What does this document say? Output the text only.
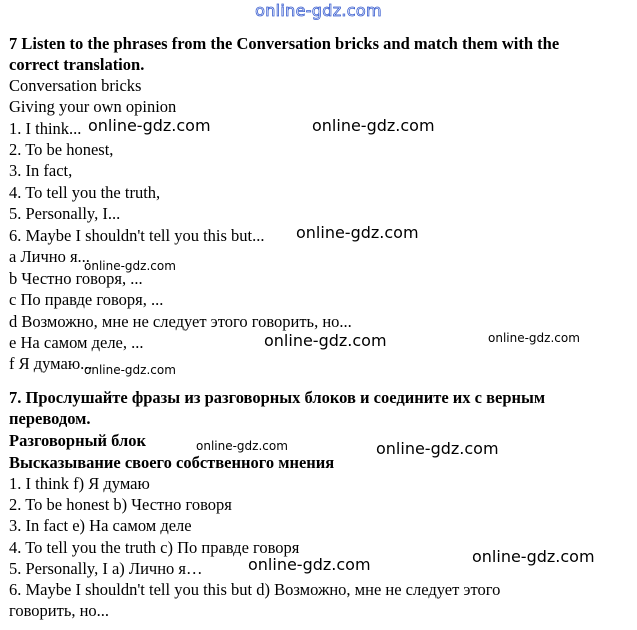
online-gdz.com
7 Listen to the phrases from the Conversation bricks and match them with the
correct translation.
Conversation bricks
Giving your own opinion
1. I think...
2. To be honest,
3. In fact,
4. To tell you the truth,
5. Personally, I...
6. Maybe I shouldn't tell you this but...
a Лично я...
b Честно говоря, ...
c По правде говоря, ...
d Возможно, мне не следует этого говорить, но...
e На самом деле, ...
f Я думаю...
7. Прослушайте фразы из разговорных блоков и соедините их с верным
переводом.
Разговорный блок
Высказывание своего собственного мнения
1. I think f) Я думаю
2. To be honest b) Честно говоря
3. In fact e) На самом деле
4. To tell you the truth c) По правде говоря
5. Personally, I a) Лично я…
6. Maybe I shouldn't tell you this but d) Возможно, мне не следует этого
говорить, но...
online-gdz.com	online-gdz.com
online-gdz.com
online-gdz.com
online-gdz.com	online-gdz.com
online-gdz.com
online-gdz.com	online-gdz.com
online-gdz.com
online-gdz.com
